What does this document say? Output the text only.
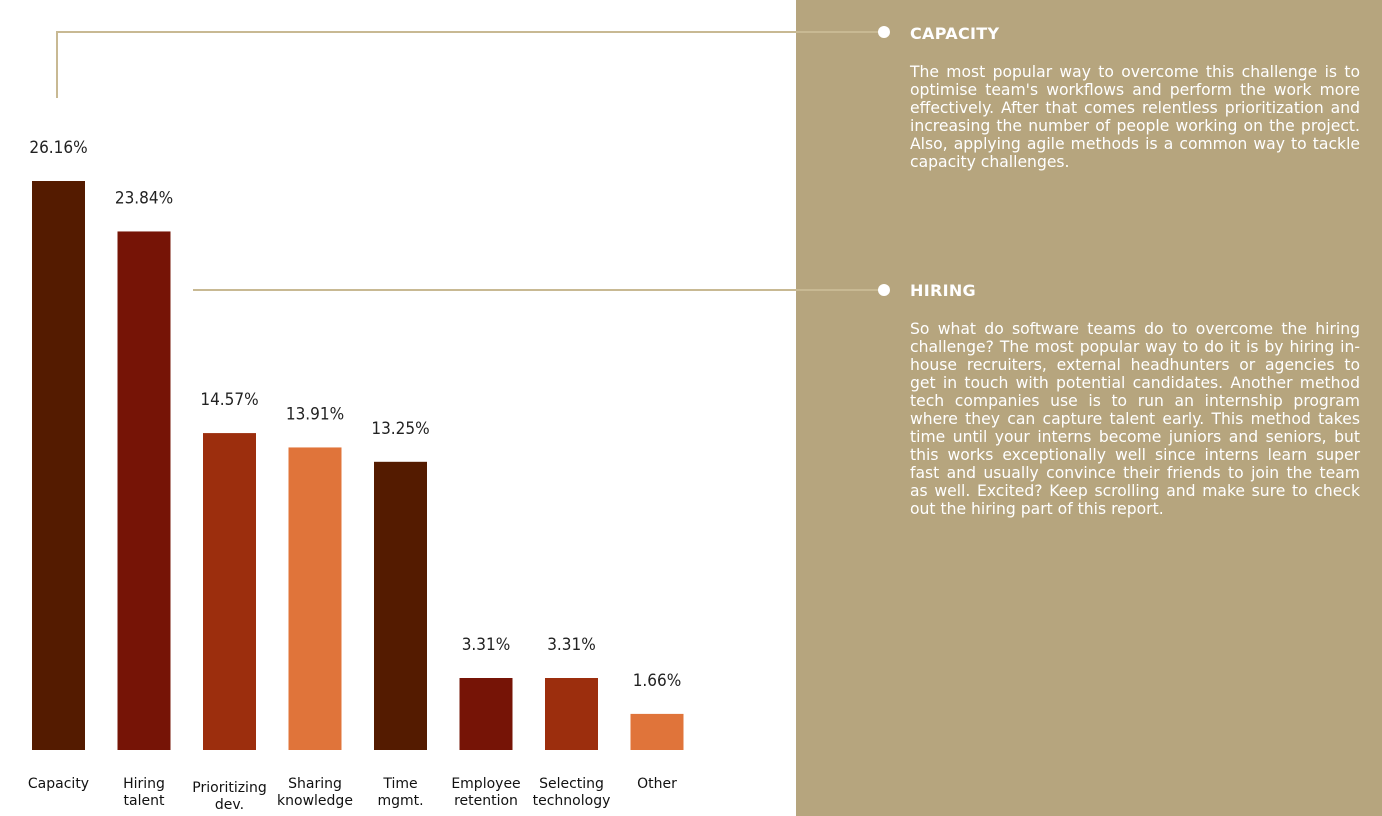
26.16%
23.84%
14.57%
13.91%
13.25%
3.31% 3.31%
1.66%
Capacity Hiring talent
Prioritizing dev.
Sharing knowledge
Time mgmt.
Employee retention
Selecting technology
Other
CAPACITY

The most popular way to overcome this challenge is to optimise team's workflows and perform the work more effectively. After that comes relentless prioritization and increasing the number of people working on the project. Also, applying agile methods is a common way to tackle capacity challenges.

HIRING

So what do software teams do to overcome the hiring challenge? The most popular way to do it is by hiring in-house recruiters, external headhunters or agencies to get in touch with potential candidates. Another method tech companies use is to run an internship program where they can capture talent early. This method takes time until your interns become juniors and seniors, but this works exceptionally well since interns learn super fast and usually convince their friends to join the team as well. Excited? Keep scrolling and make sure to check out the hiring part of this report.
